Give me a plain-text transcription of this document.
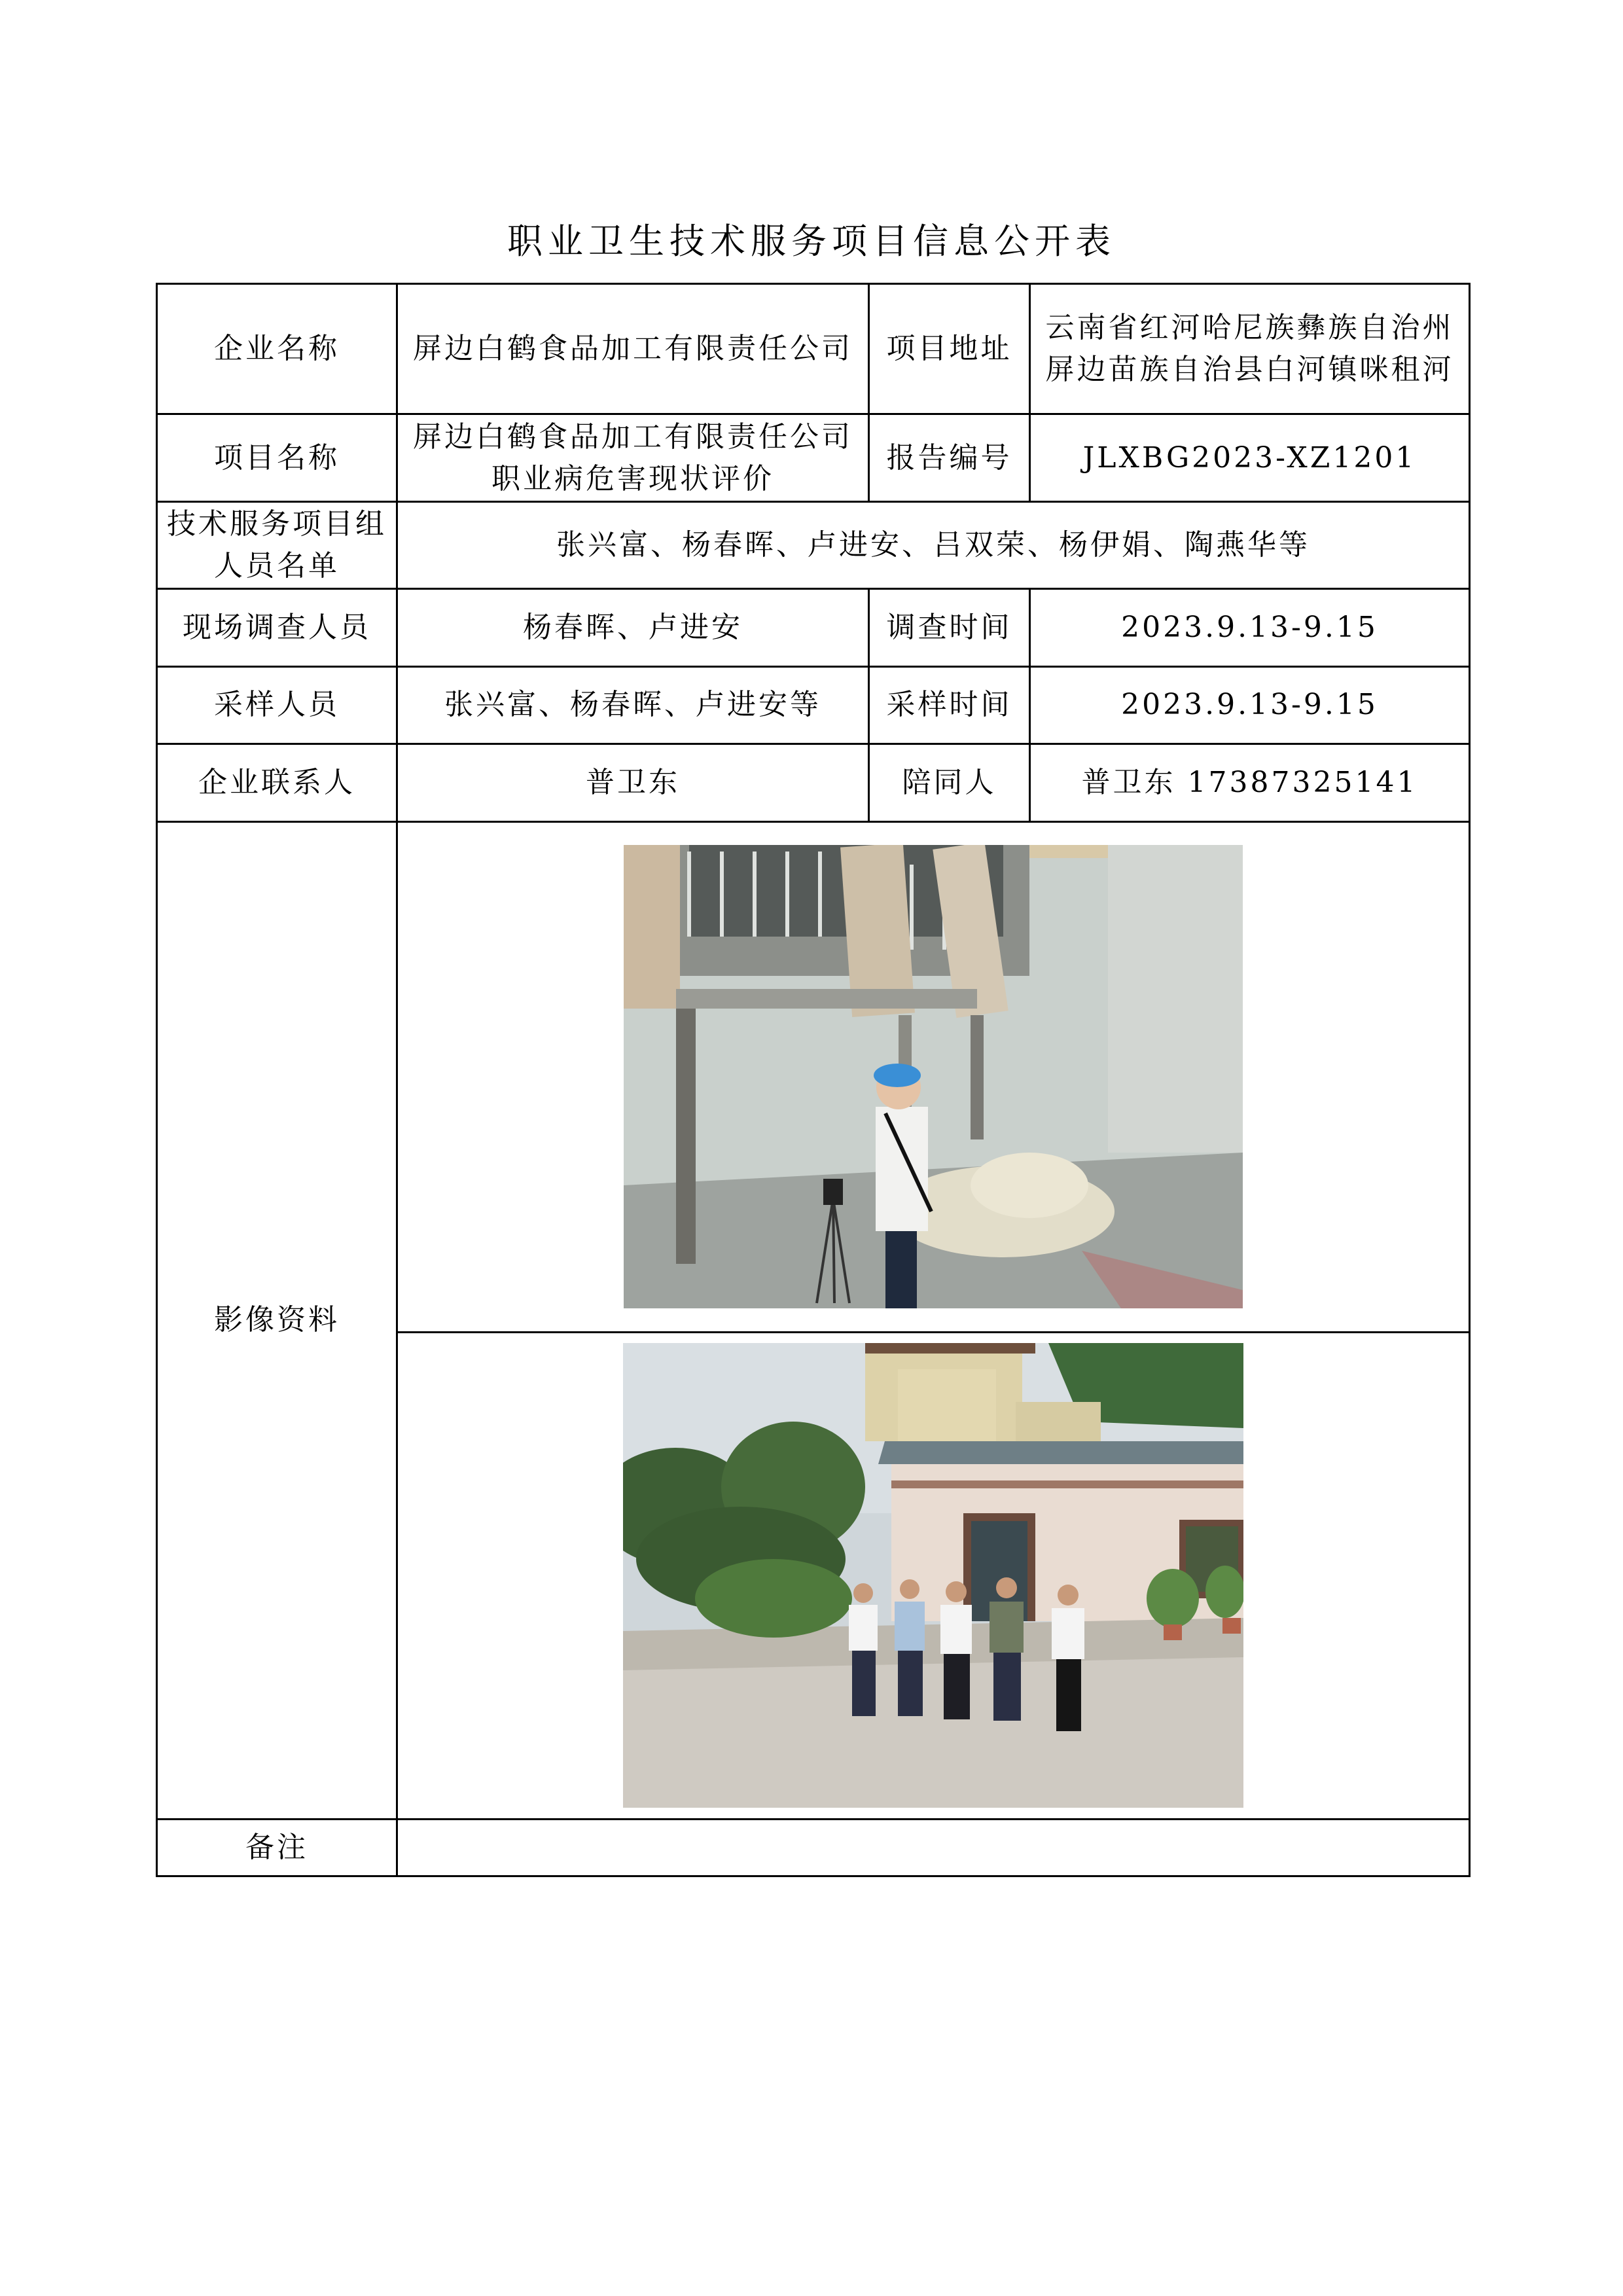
职业卫生技术服务项目信息公开表
企业名称	屏边白鹤食品加工有限责任公司	项目地址	云南省红河哈尼族彝族自治州屏边苗族自治县白河镇咪租河
项目名称	屏边白鹤食品加工有限责任公司职业病危害现状评价	报告编号	JLXBG2023-XZ1201
技术服务项目组人员名单	张兴富、杨春晖、卢进安、吕双荣、杨伊娟、陶燕华等		
现场调查人员	杨春晖、卢进安	调查时间	2023.9.13-9.15
采样人员	张兴富、杨春晖、卢进安等	采样时间	2023.9.13-9.15
企业联系人	普卫东	陪同人	普卫东 17387325141
影像资料	

备注			
